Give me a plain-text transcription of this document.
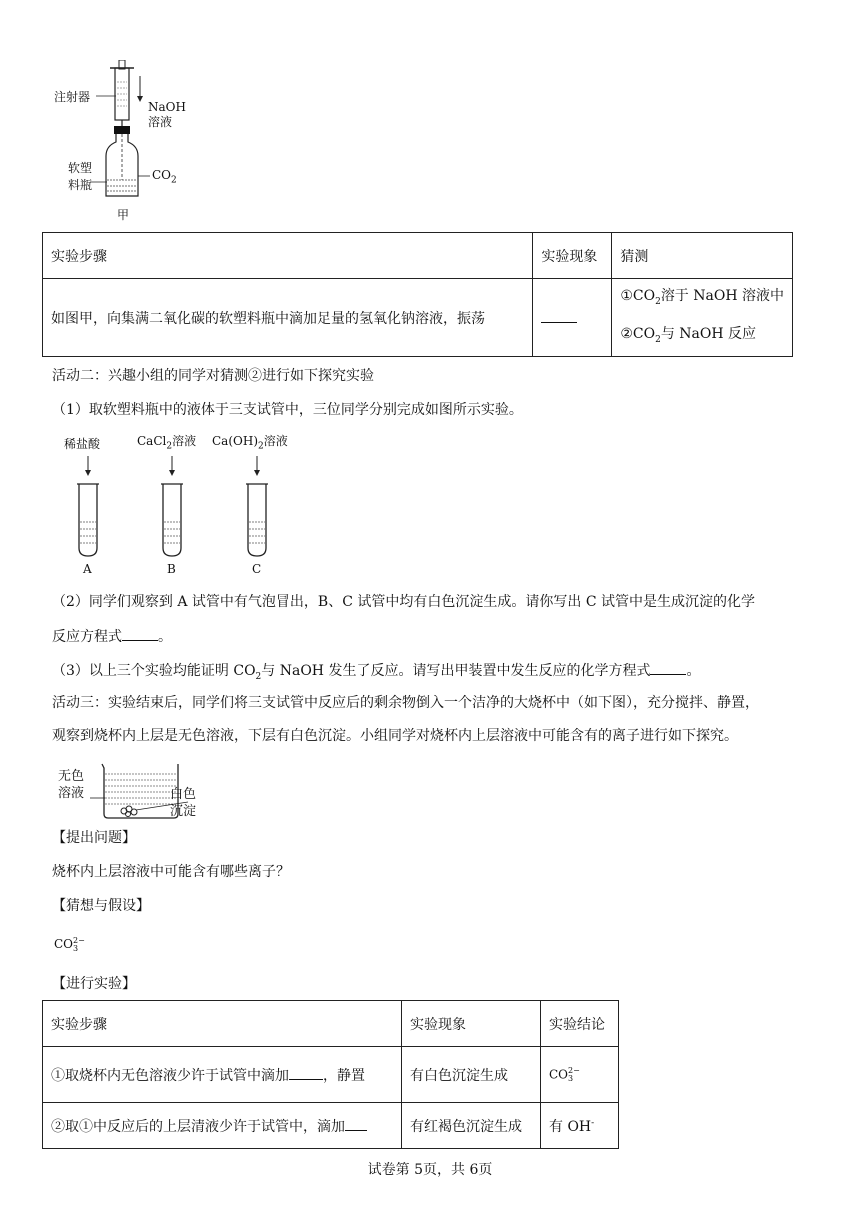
注射器
NaOH
溶液
软塑
料瓶
$CO_2$
甲
实验步骤	实验现象	猜测
如图甲，向集满二氧化碳的软塑料瓶中滴加足量的氢氧化钠溶液，振荡		$①CO_2$溶于 NaOH 溶液中
$②CO_2$与 NaOH 反应
活动二：兴趣小组的同学对猜测②进行如下探究实验
（1）取软塑料瓶中的液体于三支试管中，三位同学分别完成如图所示实验。
稀盐酸	CaCl$_2$溶液 $Ca(OH)_2$溶液
A	B	C
（2）同学们观察到 A 试管中有气泡冒出，B、C 试管中均有白色沉淀生成。请你写出 C 试管中是生成沉淀的化学
反应方程式	。
（3）以上三个实验均能证明 $CO_2$与 NaOH 发生了反应。请写出甲装置中发生反应的化学方程式	。
活动三：实验结束后，同学们将三支试管中反应后的剩余物倒入一个洁净的大烧杯中（如下图），充分搅拌、静置，
观察到烧杯内上层是无色溶液，下层有白色沉淀。小组同学对烧杯内上层溶液中可能含有的离子进行如下探究。
无色
溶液	白色
沉淀
【提出问题】
烧杯内上层溶液中可能含有哪些离子？
【猜想与假设】
CO 2−
3
【进行实验】
实验步骤	实验现象	实验结论
①取烧杯内无色溶液少许于试管中滴加 ，静置	有白色沉淀生成	CO 2−
3

②取①中反应后的上层清液少许于试管中，滴加	有红褐色沉淀生成	有 OH-
试卷第 5页，共 6页
